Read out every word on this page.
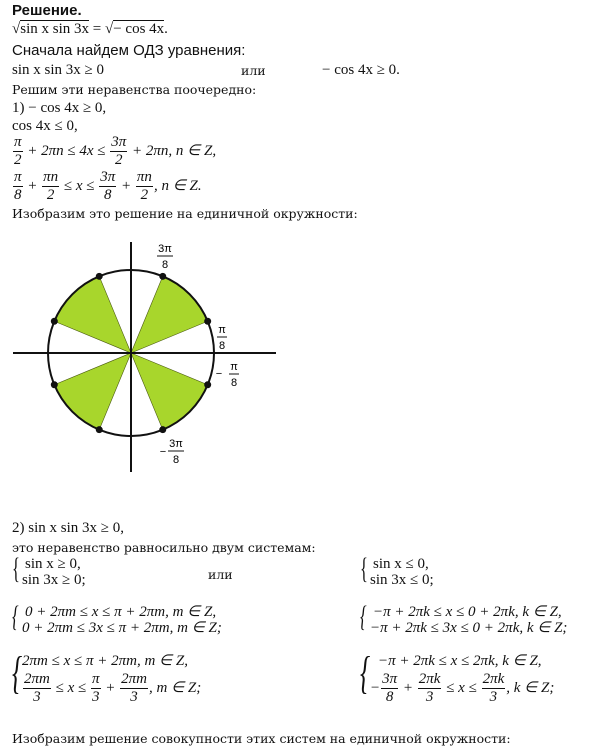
Решение.
√sin x sin 3x = √− cos 4x.
Сначала найдем ОДЗ уравнения:
sin x sin 3x ≥ 0	или	− cos 4x ≥ 0.
Решим эти неравенства поочередно:
1) − cos 4x ≥ 0,
cos 4x ≤ 0,
$\frac{\pi}{2} + 2\pi n \le 4x \le \frac{3\pi}{2} + 2\pi n$, n ∈ Z,
$\frac{\pi}{8} + \frac{\pi n}{2} \le x \le \frac{3\pi}{8} + \frac{\pi n}{2}$ , n ∈ Z.
Изобразим это решение на единичной окружности:
3π
8
π
8
−
π
8
−
3π
8
2) sin x sin 3x ≥ 0,
это неравенство равносильно двум системам:
{ sin x ≥ 0,
sin 3x ≥ 0;	или	{ sin x ≤ 0,
sin 3x ≤ 0;
{ 0 + 2πm ≤ x ≤ π + 2πm, m ∈ Z,
0 + 2πm ≤ 3x ≤ π + 2πm, m ∈ Z;	{ −π + 2πk ≤ x ≤ 0 + 2πk, k ∈ Z,
−π + 2πk ≤ 3x ≤ 0 + 2πk, k ∈ Z;
{ 2πm ≤ x ≤ π + 2πm, m ∈ Z,
$\frac{2\pi m}{3} \le x \le \frac{\pi}{3} + \frac{2\pi m}{3}$ , m ∈ Z;	{ −π + 2πk ≤ x ≤ 2πk, k ∈ Z,
− $\frac{3\pi}{8} + \frac{2\pi k}{3} \le x \le \frac{2\pi k}{3}$ , k ∈ Z;
Изобразим решение совокупности этих систем на единичной окружности:
